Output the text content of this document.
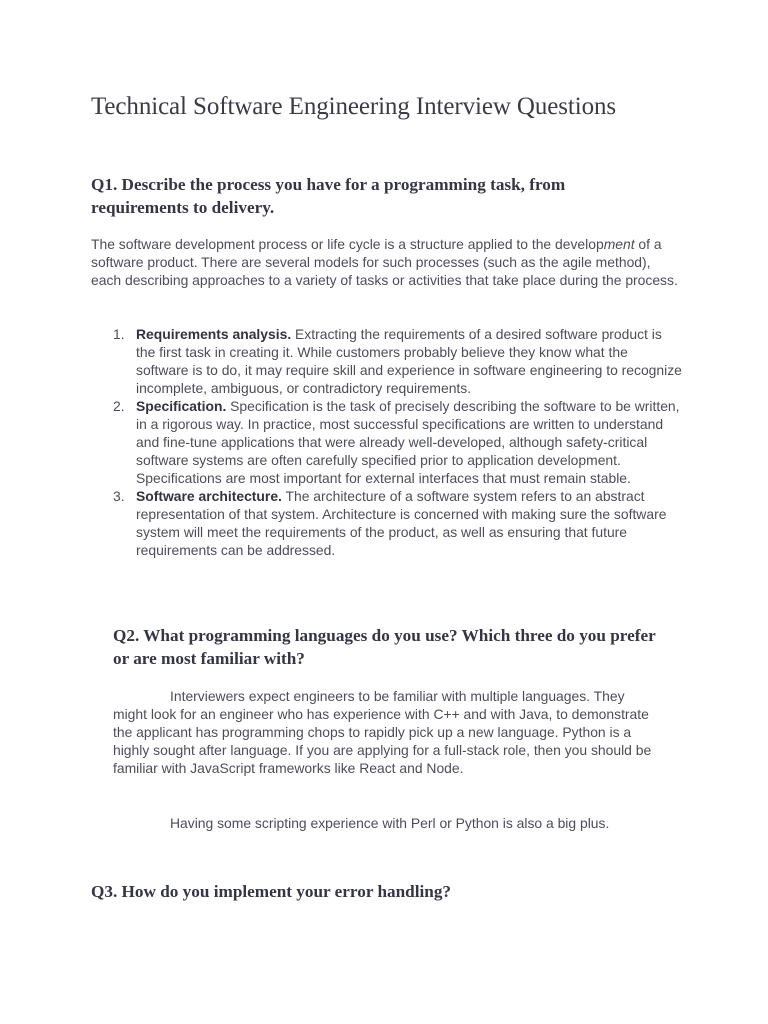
Technical Software Engineering Interview Questions
Q1. Describe the process you have for a programming task, from requirements to delivery.

The software development process or life cycle is a structure applied to the development of a software product. There are several models for such processes (such as the agile method), each describing approaches to a variety of tasks or activities that take place during the process.

1. Requirements analysis. Extracting the requirements of a desired software product is the first task in creating it. While customers probably believe they know what the software is to do, it may require skill and experience in software engineering to recognize incomplete, ambiguous, or contradictory requirements.
2. Specification. Specification is the task of precisely describing the software to be written, in a rigorous way. In practice, most successful specifications are written to understand and fine-tune applications that were already well-developed, although safety-critical software systems are often carefully specified prior to application development. Specifications are most important for external interfaces that must remain stable.
3. Software architecture. The architecture of a software system refers to an abstract representation of that system. Architecture is concerned with making sure the software system will meet the requirements of the product, as well as ensuring that future requirements can be addressed.
Q2. What programming languages do you use? Which three do you prefer or are most familiar with?

Interviewers expect engineers to be familiar with multiple languages. They might look for an engineer who has experience with C++ and with Java, to demonstrate the applicant has programming chops to rapidly pick up a new language. Python is a highly sought after language. If you are applying for a full-stack role, then you should be familiar with JavaScript frameworks like React and Node.

Having some scripting experience with Perl or Python is also a big plus.

Q3. How do you implement your error handling?
